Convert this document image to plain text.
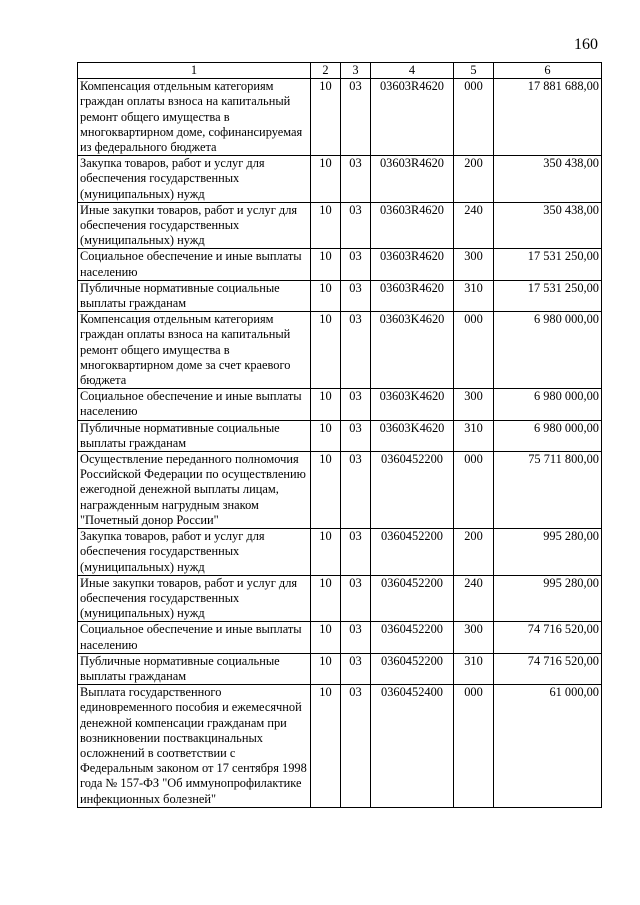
160
1	2	3	4	5	6
Компенсация отдельным категориям граждан оплаты взноса на капитальный ремонт общего имущества в многоквартирном доме, софинансируемая из федерального бюджета	10	03	03603R4620	000	17 881 688,00
Закупка товаров, работ и услуг для обеспечения государственных (муниципальных) нужд	10	03	03603R4620	200	350 438,00
Иные закупки товаров, работ и услуг для обеспечения государственных (муниципальных) нужд	10	03	03603R4620	240	350 438,00
Социальное обеспечение и иные выплаты населению	10	03	03603R4620	300	17 531 250,00
Публичные нормативные социальные выплаты гражданам	10	03	03603R4620	310	17 531 250,00
Компенсация отдельным категориям граждан оплаты взноса на капитальный ремонт общего имущества в многоквартирном доме за счет краевого бюджета	10	03	03603K4620	000	6 980 000,00
Социальное обеспечение и иные выплаты населению	10	03	03603K4620	300	6 980 000,00
Публичные нормативные социальные выплаты гражданам	10	03	03603K4620	310	6 980 000,00
Осуществление переданного полномочия Российской Федерации по осуществлению ежегодной денежной выплаты лицам, награжденным нагрудным знаком "Почетный донор России"	10	03	0360452200	000	75 711 800,00
Закупка товаров, работ и услуг для обеспечения государственных (муниципальных) нужд	10	03	0360452200	200	995 280,00
Иные закупки товаров, работ и услуг для обеспечения государственных (муниципальных) нужд	10	03	0360452200	240	995 280,00
Социальное обеспечение и иные выплаты населению	10	03	0360452200	300	74 716 520,00
Публичные нормативные социальные выплаты гражданам	10	03	0360452200	310	74 716 520,00
Выплата государственного единовременного пособия и ежемесячной денежной компенсации гражданам при возникновении поствакцинальных осложнений в соответствии с Федеральным законом от 17 сентября 1998 года № 157-ФЗ "Об иммунопрофилактике инфекционных болезней"	10	03	0360452400	000	61 000,00
